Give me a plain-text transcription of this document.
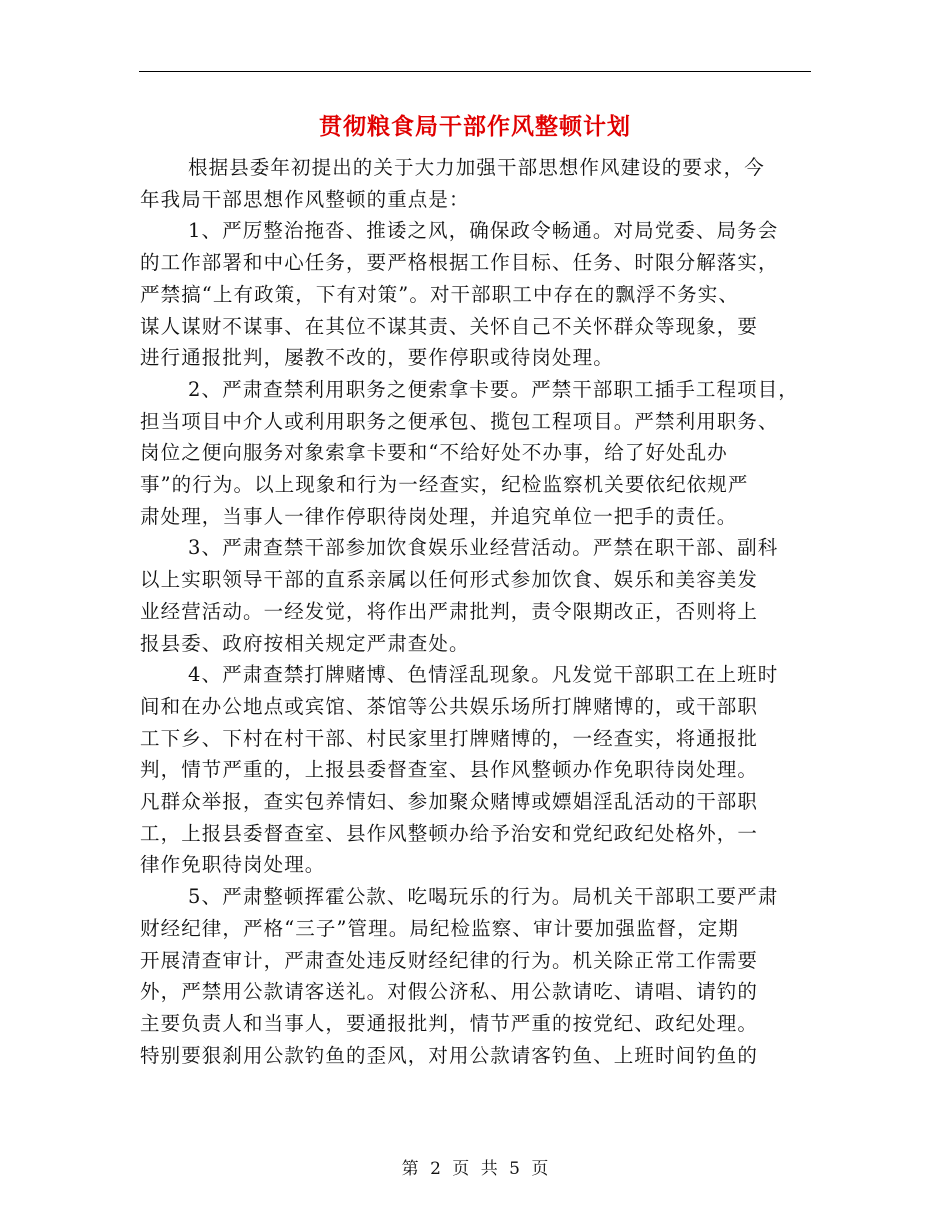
贯彻粮食局干部作风整顿计划
根据县委年初提出的关于大力加强干部思想作风建设的要求，今
年我局干部思想作风整顿的重点是：
1、严厉整治拖沓、推诿之风，确保政令畅通。对局党委、局务会
的工作部署和中心任务，要严格根据工作目标、任务、时限分解落实，
严禁搞“上有政策，下有对策”。对干部职工中存在的飘浮不务实、
谋人谋财不谋事、在其位不谋其责、关怀自己不关怀群众等现象，要
进行通报批判，屡教不改的，要作停职或待岗处理。
2、严肃查禁利用职务之便索拿卡要。严禁干部职工插手工程项目，
担当项目中介人或利用职务之便承包、揽包工程项目。严禁利用职务、
岗位之便向服务对象索拿卡要和“不给好处不办事，给了好处乱办
事”的行为。以上现象和行为一经查实，纪检监察机关要依纪依规严
肃处理，当事人一律作停职待岗处理，并追究单位一把手的责任。
3、严肃查禁干部参加饮食娱乐业经营活动。严禁在职干部、副科
以上实职领导干部的直系亲属以任何形式参加饮食、娱乐和美容美发
业经营活动。一经发觉，将作出严肃批判，责令限期改正，否则将上
报县委、政府按相关规定严肃查处。
4、严肃查禁打牌赌博、色情淫乱现象。凡发觉干部职工在上班时
间和在办公地点或宾馆、茶馆等公共娱乐场所打牌赌博的，或干部职
工下乡、下村在村干部、村民家里打牌赌博的，一经查实，将通报批
判，情节严重的，上报县委督查室、县作风整顿办作免职待岗处理。
凡群众举报，查实包养情妇、参加聚众赌博或嫖娼淫乱活动的干部职
工，上报县委督查室、县作风整顿办给予治安和党纪政纪处格外，一
律作免职待岗处理。
5、严肃整顿挥霍公款、吃喝玩乐的行为。局机关干部职工要严肃
财经纪律，严格“三子”管理。局纪检监察、审计要加强监督，定期
开展清查审计，严肃查处违反财经纪律的行为。机关除正常工作需要
外，严禁用公款请客送礼。对假公济私、用公款请吃、请唱、请钓的
主要负责人和当事人，要通报批判，情节严重的按党纪、政纪处理。
特别要狠刹用公款钓鱼的歪风，对用公款请客钓鱼、上班时间钓鱼的
第 2 页 共 5 页
